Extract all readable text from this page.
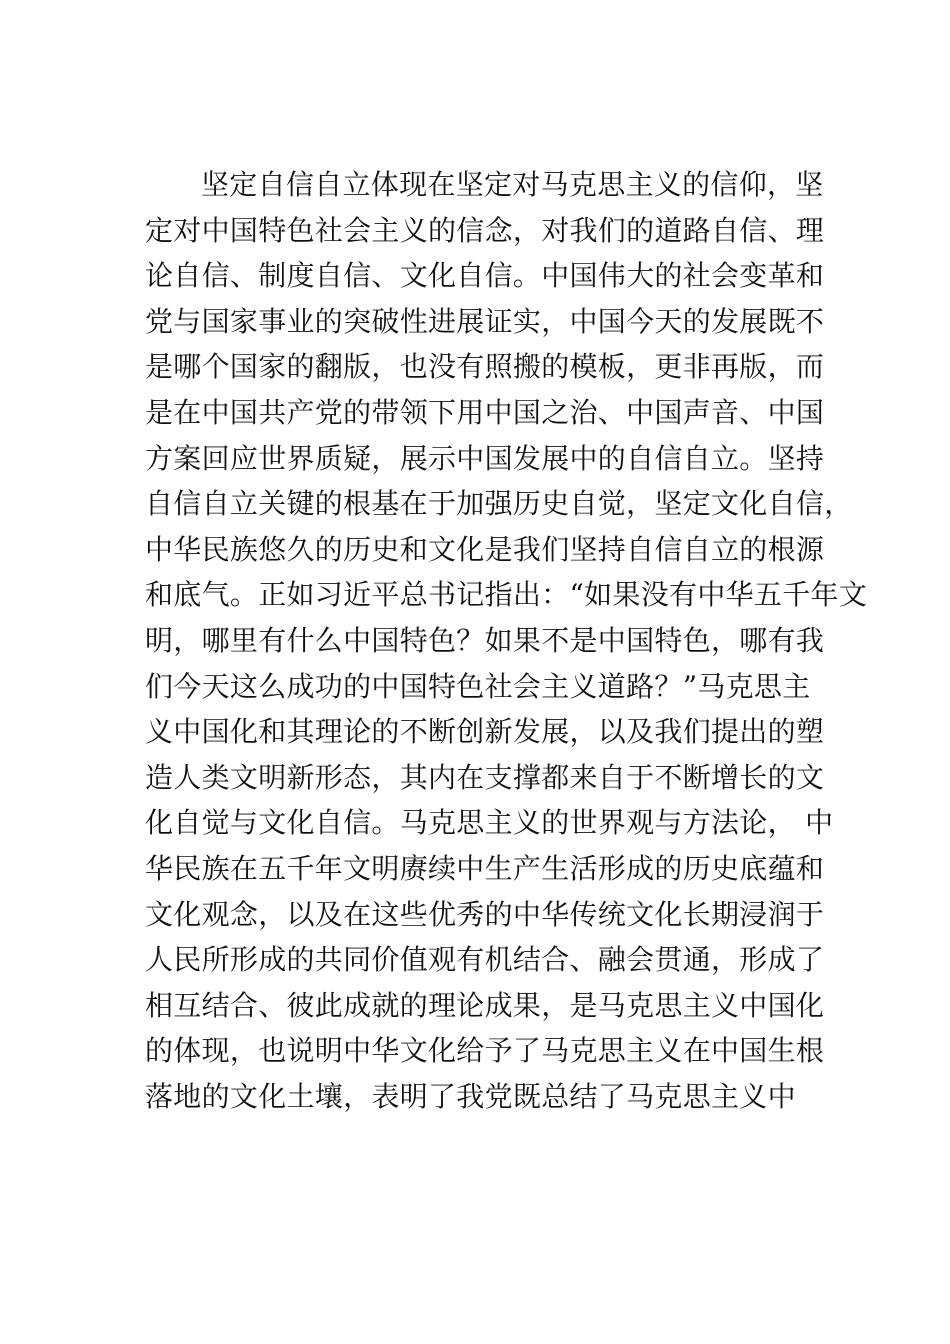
坚定自信自立体现在坚定对马克思主义的信仰，坚
定对中国特色社会主义的信念，对我们的道路自信、理
论自信、制度自信、文化自信。中国伟大的社会变革和
党与国家事业的突破性进展证实，中国今天的发展既不
是哪个国家的翻版，也没有照搬的模板，更非再版，而
是在中国共产党的带领下用中国之治、中国声音、中国
方案回应世界质疑，展示中国发展中的自信自立。坚持
自信自立关键的根基在于加强历史自觉，坚定文化自信，
中华民族悠久的历史和文化是我们坚持自信自立的根源
和底气。正如习近平总书记指出：“如果没有中华五千年文
明，哪里有什么中国特色？如果不是中国特色，哪有我
们今天这么成功的中国特色社会主义道路？”马克思主
义中国化和其理论的不断创新发展，以及我们提出的塑
造人类文明新形态，其内在支撑都来自于不断增长的文
化自觉与文化自信。马克思主义的世界观与方法论， 中
华民族在五千年文明赓续中生产生活形成的历史底蕴和
文化观念，以及在这些优秀的中华传统文化长期浸润于
人民所形成的共同价值观有机结合、融会贯通，形成了
相互结合、彼此成就的理论成果，是马克思主义中国化
的体现，也说明中华文化给予了马克思主义在中国生根
落地的文化土壤，表明了我党既总结了马克思主义中
